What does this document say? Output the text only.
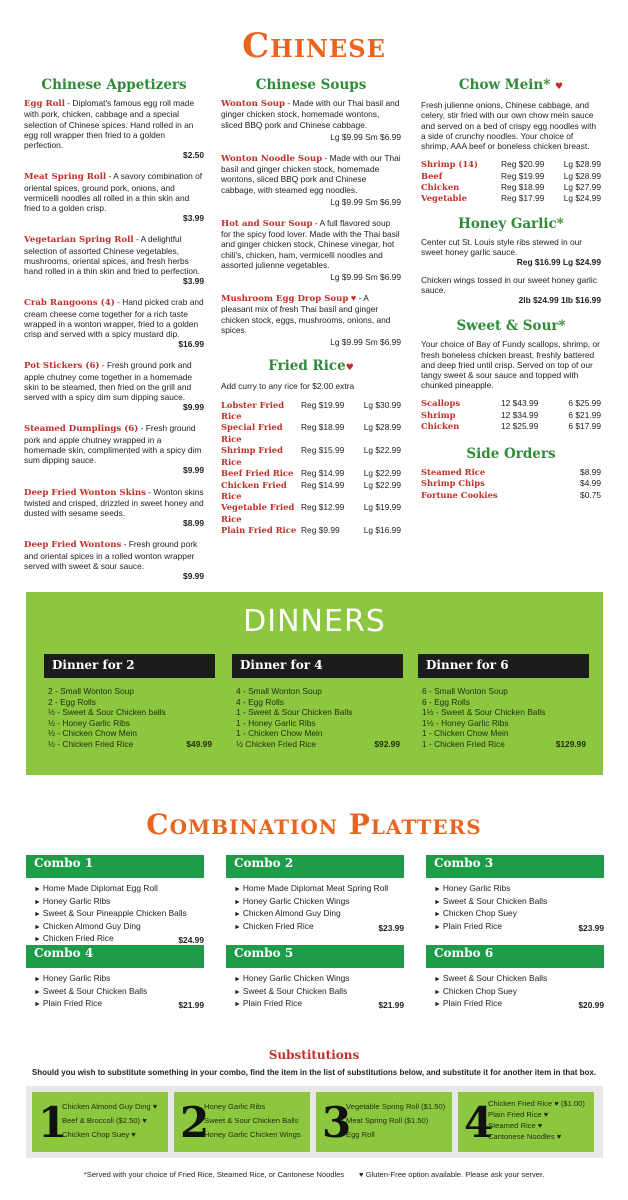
Chinese
Chinese Appetizers
Egg Roll - Diplomat's famous egg roll made with pork, chicken, cabbage and a special selection of Chinese spices. Hand rolled in an egg roll wrapper then fried to a golden perfection.
$2.50
Meat Spring Roll - A savory combination of oriental spices, ground pork, onions, and vermicelli noodles all rolled in a thin skin and fried to a golden crisp.
$3.99
Vegetarian Spring Roll - A delightful selection of assorted Chinese vegetables, mushrooms, oriental spices, and fresh herbs hand rolled in a thin skin and fried to perfection.
$3.99
Crab Rangoons (4) - Hand picked crab and cream cheese come together for a rich taste wrapped in a wonton wrapper, fried to a golden crisp and served with a spicy mustard dip.
$16.99
Pot Stickers (6) - Fresh ground pork and apple chutney come together in a homemade skin to be steamed, then fried on the grill and served with a spicy dim sum dipping sauce.
$9.99
Steamed Dumplings (6) - Fresh ground pork and apple chutney wrapped in a homemade skin, complimented with a spicy dim sum dipping sauce.
$9.99
Deep Fried Wonton Skins - Wonton skins twisted and crisped, drizzled in sweet honey and dusted with sesame seeds.
$8.99
Deep Fried Wontons - Fresh ground pork and oriental spices in a rolled wonton wrapper served with sweet & sour sauce.
$9.99
Chinese Soups
Wonton Soup - Made with our Thai basil and ginger chicken stock, homemade wontons, sliced BBQ pork and Chinese cabbage.
Lg $9.99 Sm $6.99
Wonton Noodle Soup - Made with our Thai basil and ginger chicken stock, homemade wontons, sliced BBQ pork and Chinese cabbage, with steamed egg noodles.
Lg $9.99 Sm $6.99
Hot and Sour Soup - A full flavored soup for the spicy food lover. Made with the Thai basil and ginger chicken stock, Chinese vinegar, hot chili's, chicken, ham, vermicelli noodles and assorted julienne vegetables.
Lg $9.99 Sm $6.99
Mushroom Egg Drop Soup ♥ - A pleasant mix of fresh Thai basil and ginger chicken stock, eggs, mushrooms, onions, and spices.
Lg $9.99 Sm $6.99
Fried Rice♥
Add curry to any rice for $2.00 extra
Lobster Fried Rice
Reg $19.99	Lg $30.99
Special Fried Rice
Reg $18.99	Lg $28.99
Shrimp Fried Rice
Reg $15.99	Lg $22.99
Beef Fried Rice Reg $14.99	Lg $22.99
Chicken Fried Rice
Reg $14.99	Lg $22.99
Vegetable Fried Rice
Reg $12.99	Lg $19.99
Plain Fried Rice Reg $9.99	Lg $16.99
Chow Mein* ♥
Fresh julienne onions, Chinese cabbage, and celery, stir fried with our own chow mein sauce and served on a bed of crispy egg noodles with a side of crunchy noodles. Your choice of shrimp, AAA beef or boneless chicken breast.
Shrimp (14)	Reg $20.99	Lg $28.99
Beef	Reg $19.99	Lg $28.99
Chicken	Reg $18.99	Lg $27.99
Vegetable	Reg $17.99	Lg $24.99
Honey Garlic*
Center cut St. Louis style ribs stewed in our sweet honey garlic sauce.
Reg $16.99 Lg $24.99
Chicken wings tossed in our sweet honey garlic sauce.
2lb $24.99 1lb $16.99
Sweet & Sour*
Your choice of Bay of Fundy scallops, shrimp, or fresh boneless chicken breast, freshly battered and deep fried until crisp. Served on top of our tangy sweet & sour sauce and topped with chunked pineapple.
Scallops	12 $43.99	6 $25.99
Shrimp	12 $34.99	6 $21.99
Chicken	12 $25.99	6 $17.99
Side Orders
Steamed Rice	$8.99
Shrimp Chips	$4.99
Fortune Cookies	$0.75
DINNERS
Dinner for 2
2 - Small Wonton Soup
2 - Egg Rolls
½ - Sweet & Sour Chicken balls
½ - Honey Garlic Ribs
½ - Chicken Chow Mein
½ - Chicken Fried Rice	$49.99
Dinner for 4
4 - Small Wonton Soup
4 - Egg Rolls
1 - Sweet & Sour Chicken Balls
1 - Honey Garlic Ribs
1 - Chicken Chow Mein
½ Chicken Fried Rice	$92.99
Dinner for 6
6 - Small Wonton Soup
6 - Egg Rolls
1½ - Sweet & Sour Chicken Balls
1½ - Honey Garlic Ribs
1 - Chicken Chow Mein
1 - Chicken Fried Rice	$129.99
Combination Platters
Combo 1
► Home Made Diplomat Egg Roll
► Honey Garlic Ribs
► Sweet & Sour Pineapple Chicken Balls
► Chicken Almond Guy Ding
► Chicken Fried Rice	$24.99
Combo 2
► Home Made Diplomat Meat Spring Roll
► Honey Garlic Chicken Wings
► Chicken Almond Guy Ding
► Chicken Fried Rice	$23.99
Combo 3
► Honey Garlic Ribs
► Sweet & Sour Chicken Balls
► Chicken Chop Suey
► Plain Fried Rice	$23.99
Combo 4
► Honey Garlic Ribs
► Sweet & Sour Chicken Balls
► Plain Fried Rice	$21.99
Combo 5
► Honey Garlic Chicken Wings
► Sweet & Sour Chicken Balls
► Plain Fried Rice	$21.99
Combo 6
► Sweet & Sour Chicken Balls
► Chicken Chop Suey
► Plain Fried Rice	$20.99
Substitutions
Should you wish to substitute something in your combo, find the item in the list of substitutions below, and substitute it for another item in that box.
1
Chicken Almond Guy Ding ♥
Beef & Broccoli ($2.50) ♥
Chicken Chop Suey ♥	2
Honey Garlic Ribs
Sweet & Sour Chicken Balls
Honey Garlic Chicken Wings 3
Vegetable Spring Roll ($1.50)
Meat Spring Roll ($1.50)
Egg Roll	4
Chicken Fried Rice ♥ ($1.00)
Plain Fried Rice ♥
Steamed Rice ♥
Cantonese Noodles ♥
*Served with your choice of Fried Rice, Steamed Rice, or Cantonese Noodles ♥ Gluten-Free option available. Please ask your server.
